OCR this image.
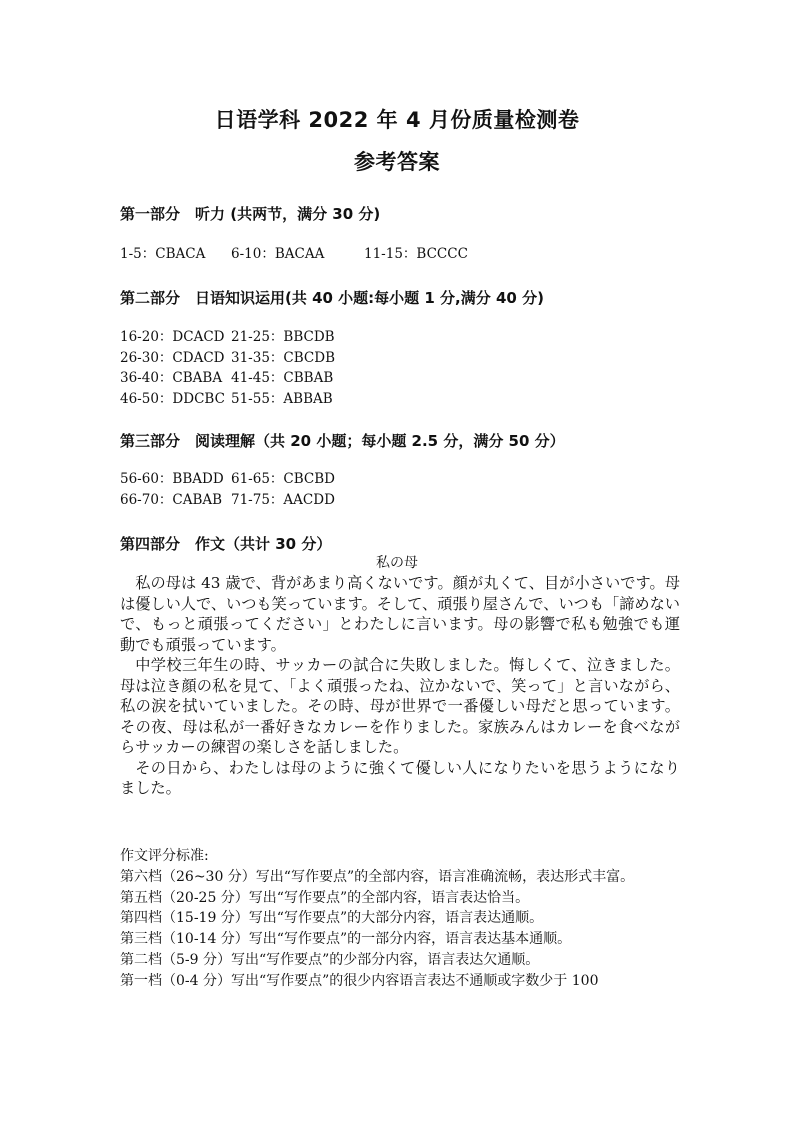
日语学科 2022 年 4 月份质量检测卷
参考答案
第一部分　听力 (共两节，满分 30 分)
1-5：CBACA 6-10：BACAA	11-15：BCCCC
第二部分　日语知识运用(共 40 小题:每小题 1 分,满分 40 分)
16-20：DCACD 21-25：BBCDB
26-30：CDACD 31-35：CBCDB
36-40：CBABA 41-45：CBBAB
46-50：DDCBC 51-55：ABBAB
第三部分　阅读理解（共 20 小题；每小题 2.5 分，满分 50 分）
56-60：BBADD 61-65：CBCBD
66-70：CABAB 71-75：AACDD
第四部分　作文（共计 30 分）
私の母

私の母は 43 歳で、背があまり高くないです。顔が丸くて、目が小さいです。母は優しい人で、いつも笑っています。そして、頑張り屋さんで、いつも「諦めないで、もっと頑張ってください」とわたしに言います。母の影響で私も勉強でも運動でも頑張っています。

中学校三年生の時、サッカーの試合に失敗しました。悔しくて、泣きました。母は泣き顔の私を見て、「よく頑張ったね、泣かないで、笑って」と言いながら、私の涙を拭いていました。その時、母が世界で一番優しい母だと思っています。その夜、母は私が一番好きなカレーを作りました。家族みんはカレーを食べながらサッカーの練習の楽しさを話しました。

その日から、わたしは母のように強くて優しい人になりたいを思うようになりました。

作文评分标准:
第六档（26~30 分）写出“写作要点”的全部内容，语言准确流畅，表达形式丰富。
第五档（20-25 分）写出“写作要点”的全部内容，语言表达恰当。
第四档（15-19 分）写出“写作要点”的大部分内容，语言表达通顺。
第三档（10-14 分）写出“写作要点”的一部分内容，语言表达基本通顺。
第二档（5-9 分）写出“写作要点”的少部分内容，语言表达欠通顺。
第一档（0-4 分）写出“写作要点”的很少内容语言表达不通顺或字数少于 100
